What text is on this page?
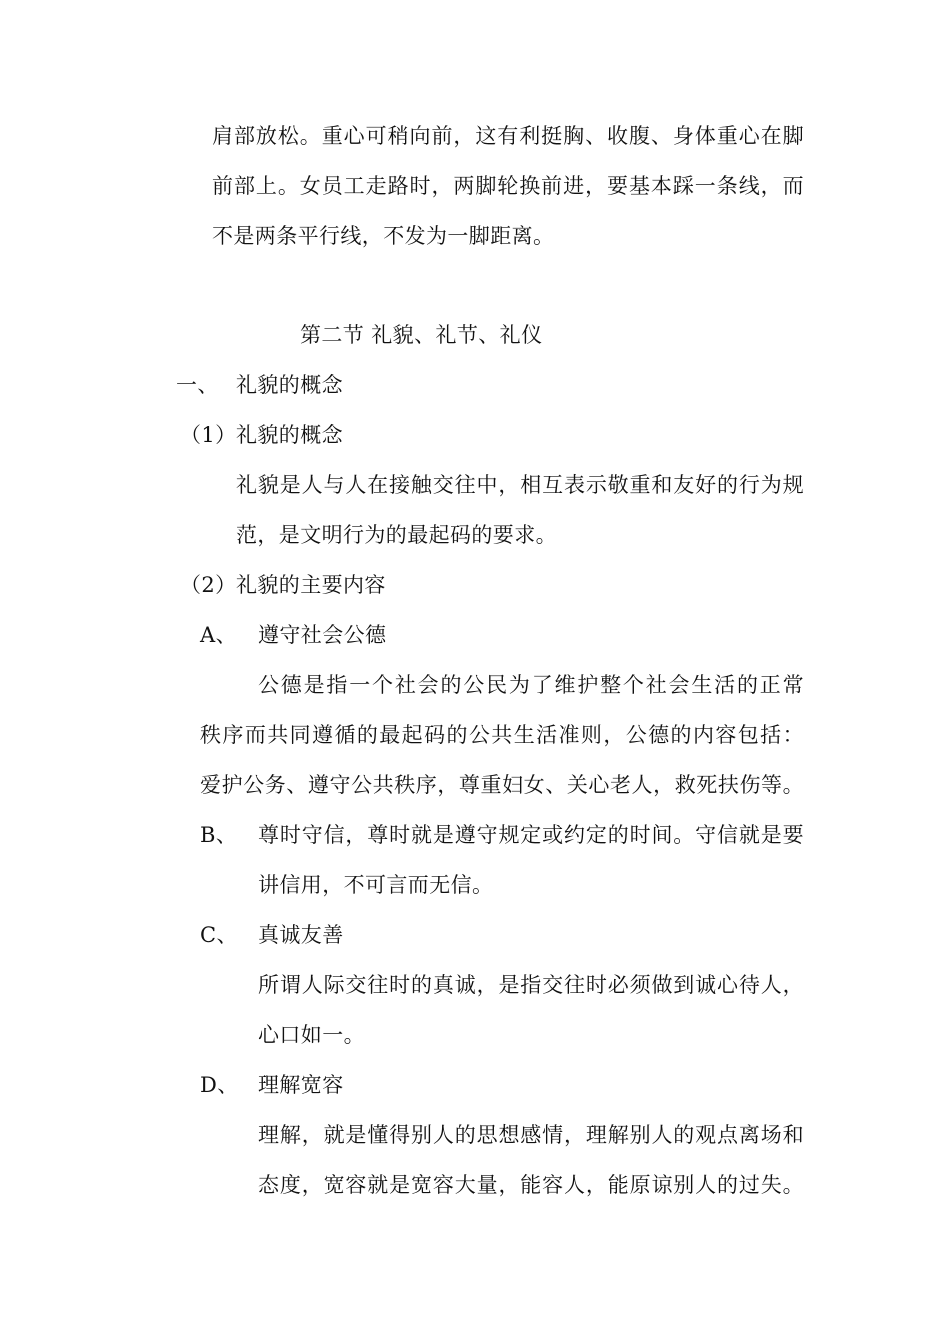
肩部放松。重心可稍向前，这有利挺胸、收腹、身体重心在脚
前部上。女员工走路时，两脚轮换前进，要基本踩一条线，而
不是两条平行线，不发为一脚距离。
第二节 礼貌、礼节、礼仪
一、 礼貌的概念
（1） 礼貌的概念
礼貌是人与人在接触交往中，相互表示敬重和友好的行为规
范，是文明行为的最起码的要求。
（2） 礼貌的主要内容
A、 遵守社会公德
公德是指一个社会的公民为了维护整个社会生活的正常
秩序而共同遵循的最起码的公共生活准则，公德的内容包括：
爱护公务、遵守公共秩序，尊重妇女、关心老人，救死扶伤等。
B、 尊时守信，尊时就是遵守规定或约定的时间。守信就是要
讲信用，不可言而无信。
C、 真诚友善
所谓人际交往时的真诚，是指交往时必须做到诚心待人，
心口如一。
D、 理解宽容
理解，就是懂得别人的思想感情，理解别人的观点离场和
态度，宽容就是宽容大量，能容人，能原谅别人的过失。
